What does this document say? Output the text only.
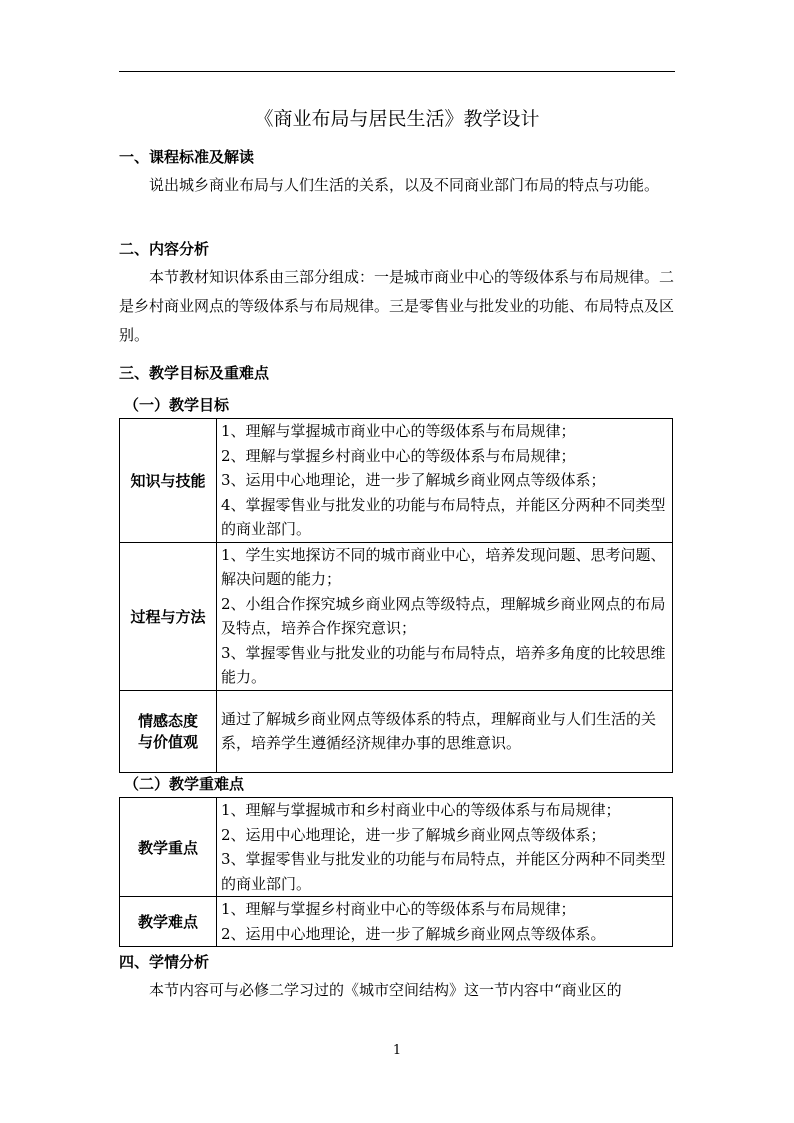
《商业布局与居民生活》教学设计
一、课程标准及解读
说出城乡商业布局与人们生活的关系，以及不同商业部门布局的特点与功能。
二、内容分析
本节教材知识体系由三部分组成：一是城市商业中心的等级体系与布局规律。二是乡村商业网点的等级体系与布局规律。三是零售业与批发业的功能、布局特点及区别。
三、教学目标及重难点
（一）教学目标
知识与技能	1、理解与掌握城市商业中心的等级体系与布局规律；
2、理解与掌握乡村商业中心的等级体系与布局规律；
3、运用中心地理论，进一步了解城乡商业网点等级体系；
4、掌握零售业与批发业的功能与布局特点，并能区分两种不同类型的商业部门。

过程与方法	1、学生实地探访不同的城市商业中心，培养发现问题、思考问题、解决问题的能力；
2、小组合作探究城乡商业网点等级特点，理解城乡商业网点的布局及特点，培养合作探究意识；
3、掌握零售业与批发业的功能与布局特点，培养多角度的比较思维能力。

情感态度
与价值观	通过了解城乡商业网点等级体系的特点，理解商业与人们生活的关系，培养学生遵循经济规律办事的思维意识。
（二）教学重难点
教学重点	1、理解与掌握城市和乡村商业中心的等级体系与布局规律；
2、运用中心地理论，进一步了解城乡商业网点等级体系；
3、掌握零售业与批发业的功能与布局特点，并能区分两种不同类型的商业部门。

教学难点	1、理解与掌握乡村商业中心的等级体系与布局规律；
2、运用中心地理论，进一步了解城乡商业网点等级体系。
四、学情分析
本节内容可与必修二学习过的《城市空间结构》这一节内容中“商业区的
1
